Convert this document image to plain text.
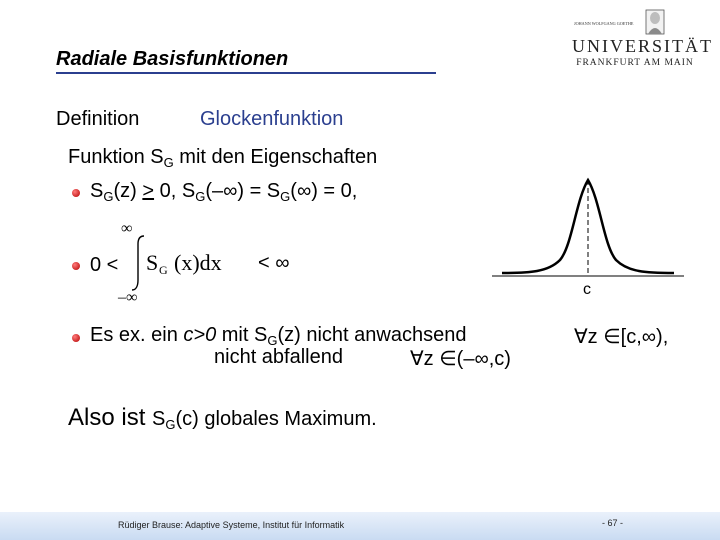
Radiale Basisfunktionen
JOHANN WOLFGANG GOETHE
UNIVERSITÄT
FRANKFURT AM MAIN
Definition	Glockenfunktion
Funktion $S_G$ mit den Eigenschaften
$S_G(z) > 0$, $S_G(-\infty) = S_G(\infty) = 0$,
0 <
∞
–∞
S G (x)dx < ∞
c
Es ex. ein c>0 mit $S_G(z)$ nicht anwachsend	∀z ∈[c,∞),
nicht abfallend	∀z ∈(–∞,c)
Also ist $S_G(c)$ globales Maximum.
Rüdiger Brause: Adaptive Systeme, Institut für Informatik	- 67 -
